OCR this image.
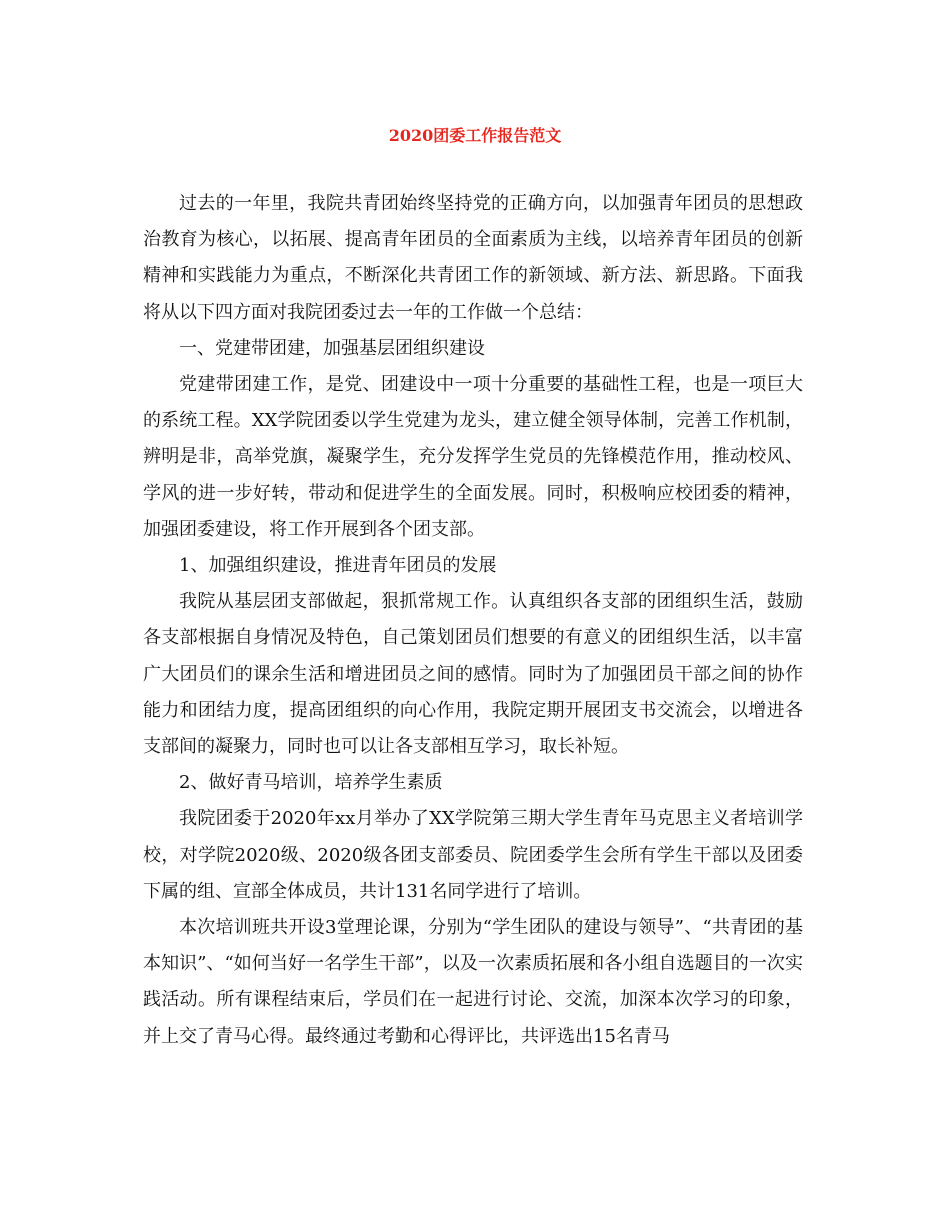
2020团委工作报告范文

过去的一年里，我院共青团始终坚持党的正确方向，以加强青年团员的思想政治教育为核心，以拓展、提高青年团员的全面素质为主线，以培养青年团员的创新精神和实践能力为重点，不断深化共青团工作的新领域、新方法、新思路。下面我将从以下四方面对我院团委过去一年的工作做一个总结：

一、党建带团建，加强基层团组织建设

党建带团建工作，是党、团建设中一项十分重要的基础性工程，也是一项巨大的系统工程。XX学院团委以学生党建为龙头，建立健全领导体制，完善工作机制，辨明是非，高举党旗，凝聚学生，充分发挥学生党员的先锋模范作用，推动校风、学风的进一步好转，带动和促进学生的全面发展。同时，积极响应校团委的精神，加强团委建设，将工作开展到各个团支部。

1、加强组织建设，推进青年团员的发展

我院从基层团支部做起，狠抓常规工作。认真组织各支部的团组织生活，鼓励各支部根据自身情况及特色，自己策划团员们想要的有意义的团组织生活，以丰富广大团员们的课余生活和增进团员之间的感情。同时为了加强团员干部之间的协作能力和团结力度，提高团组织的向心作用，我院定期开展团支书交流会，以增进各支部间的凝聚力，同时也可以让各支部相互学习，取长补短。

2、做好青马培训，培养学生素质

我院团委于2020年xx月举办了XX学院第三期大学生青年马克思主义者培训学校，对学院2020级、2020级各团支部委员、院团委学生会所有学生干部以及团委下属的组、宣部全体成员，共计131名同学进行了培训。

本次培训班共开设3堂理论课，分别为“学生团队的建设与领导”、“共青团的基本知识”、“如何当好一名学生干部”，以及一次素质拓展和各小组自选题目的一次实践活动。所有课程结束后，学员们在一起进行讨论、交流，加深本次学习的印象，并上交了青马心得。最终通过考勤和心得评比，共评选出15名青马
